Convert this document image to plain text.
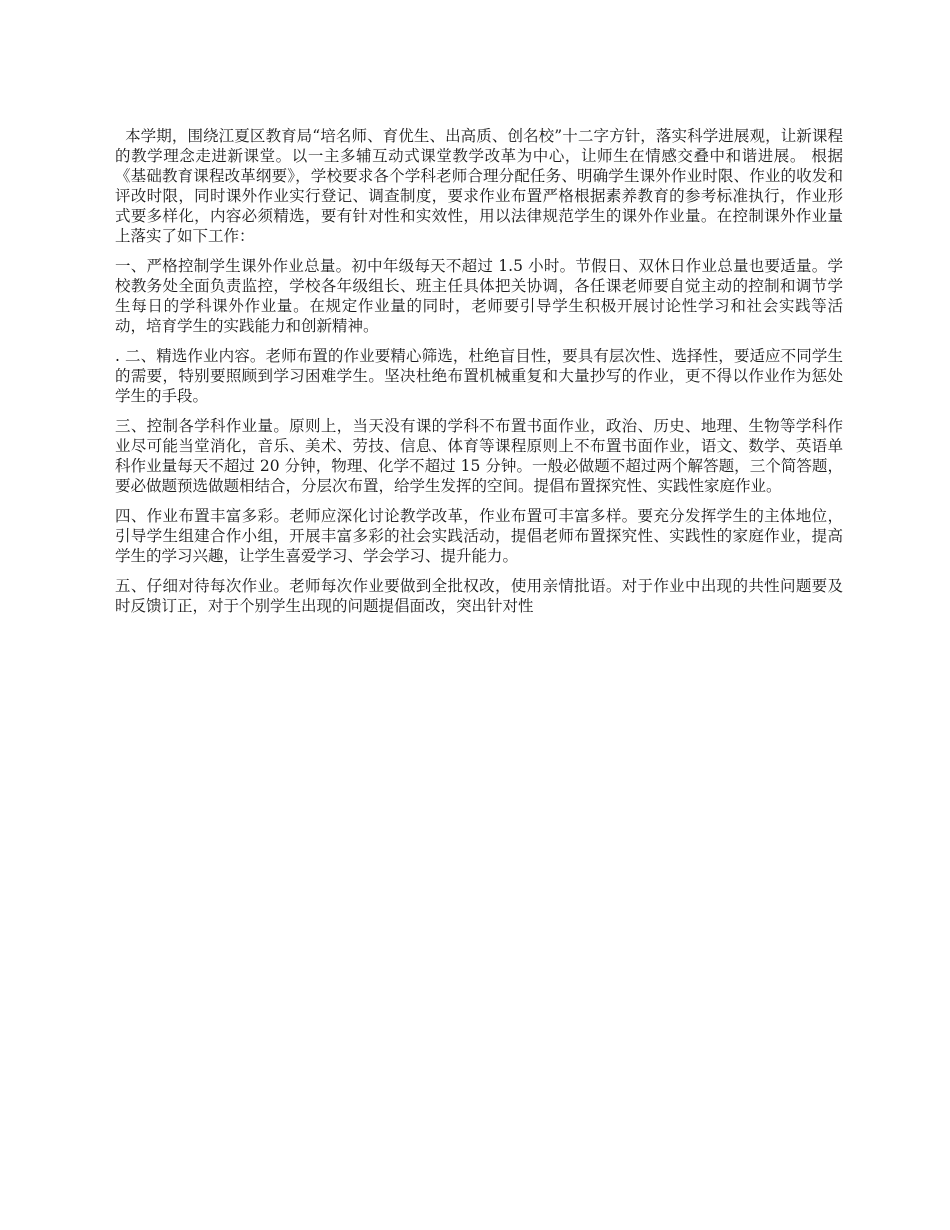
本学期，围绕江夏区教育局“培名师、育优生、出高质、创名校”十二字方针，落实科学进展观，让新课程的教学理念走进新课堂。以一主多辅互动式课堂教学改革为中心，让师生在情感交叠中和谐进展。 根据《基础教育课程改革纲要》，学校要求各个学科老师合理分配任务、明确学生课外作业时限、作业的收发和评改时限，同时课外作业实行登记、调查制度，要求作业布置严格根据素养教育的参考标准执行，作业形式要多样化，内容必须精选，要有针对性和实效性，用以法律规范学生的课外作业量。在控制课外作业量上落实了如下工作：

一、严格控制学生课外作业总量。初中年级每天不超过 1.5 小时。节假日、双休日作业总量也要适量。学校教务处全面负责监控，学校各年级组长、班主任具体把关协调，各任课老师要自觉主动的控制和调节学生每日的学科课外作业量。在规定作业量的同时，老师要引导学生积极开展讨论性学习和社会实践等活动，培育学生的实践能力和创新精神。

. 二、精选作业内容。老师布置的作业要精心筛选，杜绝盲目性，要具有层次性、选择性，要适应不同学生的需要，特别要照顾到学习困难学生。坚决杜绝布置机械重复和大量抄写的作业，更不得以作业作为惩处学生的手段。

三、控制各学科作业量。原则上，当天没有课的学科不布置书面作业，政治、历史、地理、生物等学科作业尽可能当堂消化，音乐、美术、劳技、信息、体育等课程原则上不布置书面作业，语文、数学、英语单科作业量每天不超过 20 分钟，物理、化学不超过 15 分钟。一般必做题不超过两个解答题，三个简答题，要必做题预选做题相结合，分层次布置，给学生发挥的空间。提倡布置探究性、实践性家庭作业。

四、作业布置丰富多彩。老师应深化讨论教学改革，作业布置可丰富多样。要充分发挥学生的主体地位，引导学生组建合作小组，开展丰富多彩的社会实践活动，提倡老师布置探究性、实践性的家庭作业，提高学生的学习兴趣，让学生喜爱学习、学会学习、提升能力。

五、仔细对待每次作业。老师每次作业要做到全批权改，使用亲情批语。对于作业中出现的共性问题要及时反馈订正，对于个别学生出现的问题提倡面改，突出针对性
